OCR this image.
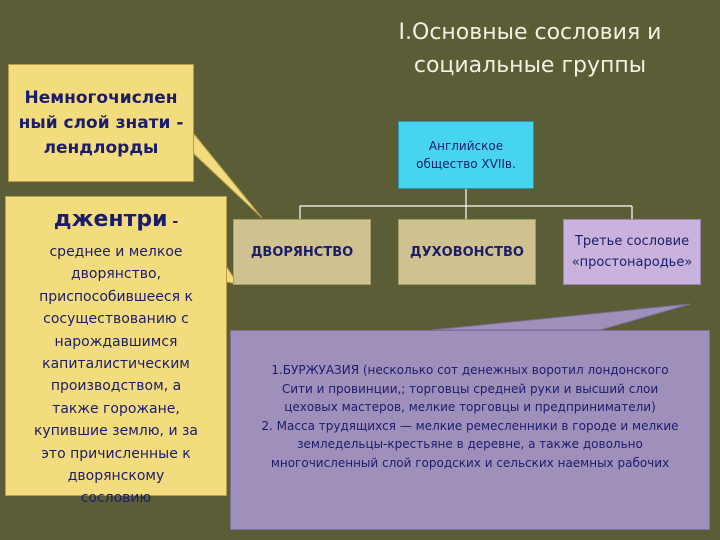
I.Основные сословия и
социальные группы
Немногочислен
ный слой знати -
лендлорды
джентри -
среднее и мелкое
дворянство,
приспособившееся к
сосуществованию с
нарождавшимся
капиталистическим
производством, а
также горожане,
купившие землю, и за
это причисленные к
дворянскому
сословию
Английское
общество XVIIв.
ДВОРЯНСТВО	ДУХОВОНСТВО
Третье сословие
«простонародье»

1.БУРЖУАЗИЯ (несколько сот денежных воротил лондонского

Сити и провинции,; торговцы средней руки и высший слои

цеховых мастеров, мелкие торговцы и предприниматели)

2. Масса трудящихся — мелкие ремесленники в городе и мелкие

земледельцы-крестьяне в деревне, а также довольно

многочисленный слой городских и сельских наемных рабочих
